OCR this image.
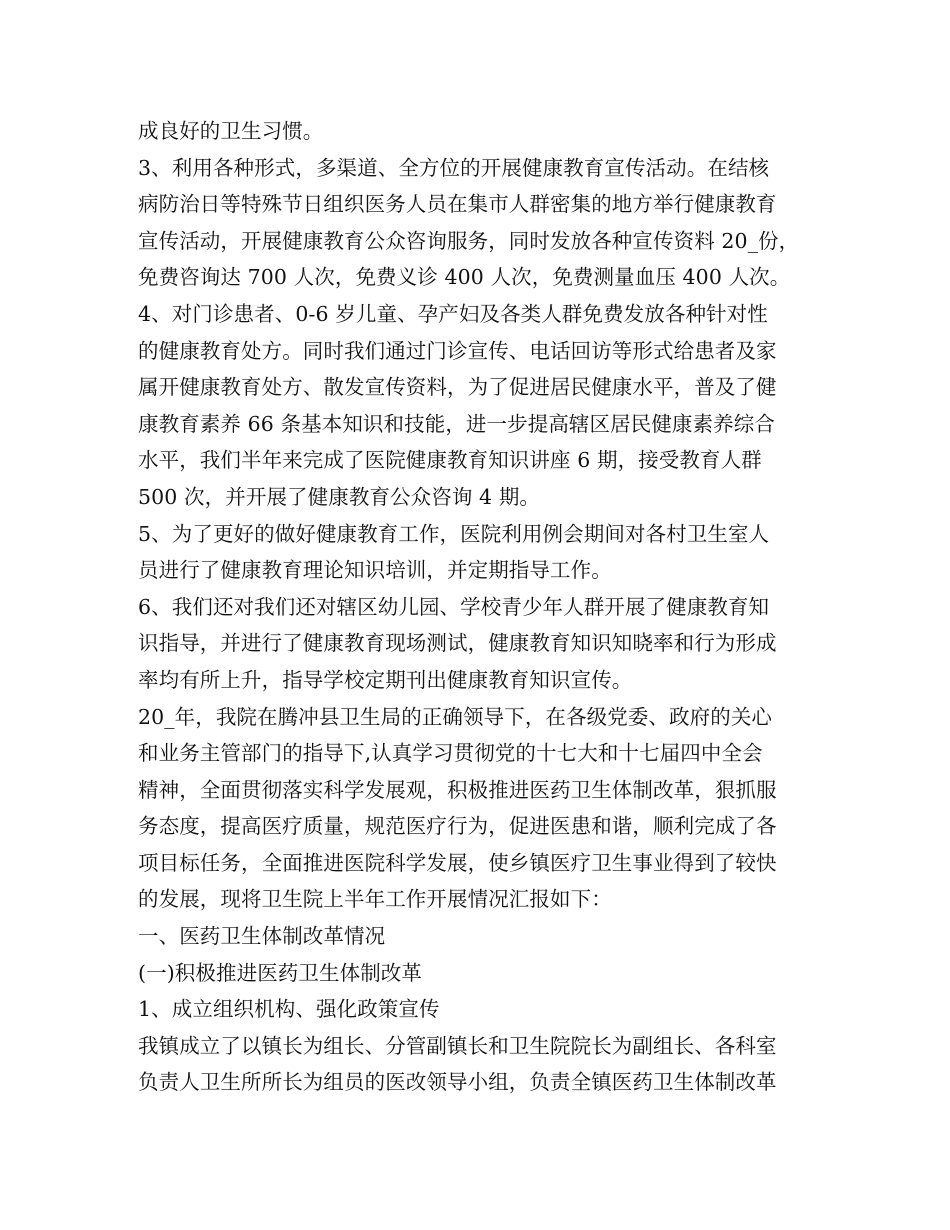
成良好的卫生习惯。
3、利用各种形式，多渠道、全方位的开展健康教育宣传活动。在结核
病防治日等特殊节日组织医务人员在集市人群密集的地方举行健康教育
宣传活动，开展健康教育公众咨询服务，同时发放各种宣传资料 20_份，
免费咨询达 700 人次，免费义诊 400 人次，免费测量血压 400 人次。
4、对门诊患者、0-6 岁儿童、孕产妇及各类人群免费发放各种针对性
的健康教育处方。同时我们通过门诊宣传、电话回访等形式给患者及家
属开健康教育处方、散发宣传资料，为了促进居民健康水平，普及了健
康教育素养 66 条基本知识和技能，进一步提高辖区居民健康素养综合
水平，我们半年来完成了医院健康教育知识讲座 6 期，接受教育人群
500 次，并开展了健康教育公众咨询 4 期。
5、为了更好的做好健康教育工作，医院利用例会期间对各村卫生室人
员进行了健康教育理论知识培训，并定期指导工作。
6、我们还对我们还对辖区幼儿园、学校青少年人群开展了健康教育知
识指导，并进行了健康教育现场测试，健康教育知识知晓率和行为形成
率均有所上升，指导学校定期刊出健康教育知识宣传。
20_年，我院在腾冲县卫生局的正确领导下，在各级党委、政府的关心
和业务主管部门的指导下,认真学习贯彻党的十七大和十七届四中全会
精神，全面贯彻落实科学发展观，积极推进医药卫生体制改革，狠抓服
务态度，提高医疗质量，规范医疗行为，促进医患和谐，顺利完成了各
项目标任务，全面推进医院科学发展，使乡镇医疗卫生事业得到了较快
的发展，现将卫生院上半年工作开展情况汇报如下：
一、医药卫生体制改革情况
(一)积极推进医药卫生体制改革
1、成立组织机构、强化政策宣传
我镇成立了以镇长为组长、分管副镇长和卫生院院长为副组长、各科室
负责人卫生所所长为组员的医改领导小组，负责全镇医药卫生体制改革
